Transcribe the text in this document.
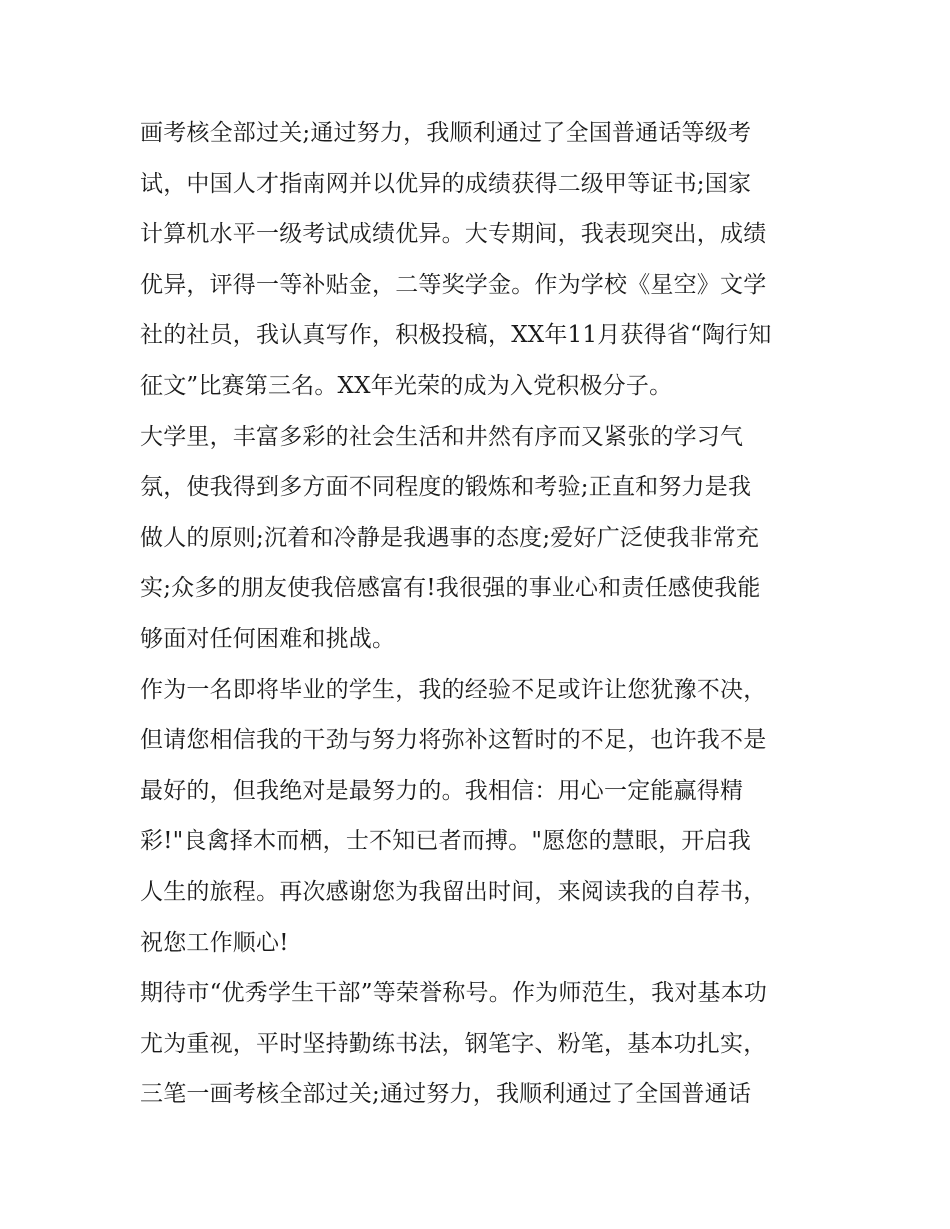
画考核全部过关;通过努力，我顺利通过了全国普通话等级考
试，中国人才指南网并以优异的成绩获得二级甲等证书;国家
计算机水平一级考试成绩优异。大专期间，我表现突出，成绩
优异，评得一等补贴金，二等奖学金。作为学校《星空》文学
社的社员，我认真写作，积极投稿，XX年11月获得省“陶行知
征文”比赛第三名。XX年光荣的成为入党积极分子。
大学里，丰富多彩的社会生活和井然有序而又紧张的学习气
氛，使我得到多方面不同程度的锻炼和考验;正直和努力是我
做人的原则;沉着和冷静是我遇事的态度;爱好广泛使我非常充
实;众多的朋友使我倍感富有!我很强的事业心和责任感使我能
够面对任何困难和挑战。
作为一名即将毕业的学生，我的经验不足或许让您犹豫不决，
但请您相信我的干劲与努力将弥补这暂时的不足，也许我不是
最好的，但我绝对是最努力的。我相信：用心一定能赢得精
彩!"良禽择木而栖，士不知已者而搏。"愿您的慧眼，开启我
人生的旅程。再次感谢您为我留出时间，来阅读我的自荐书，
祝您工作顺心!
期待市“优秀学生干部”等荣誉称号。作为师范生，我对基本功
尤为重视，平时坚持勤练书法，钢笔字、粉笔，基本功扎实，
三笔一画考核全部过关;通过努力，我顺利通过了全国普通话
